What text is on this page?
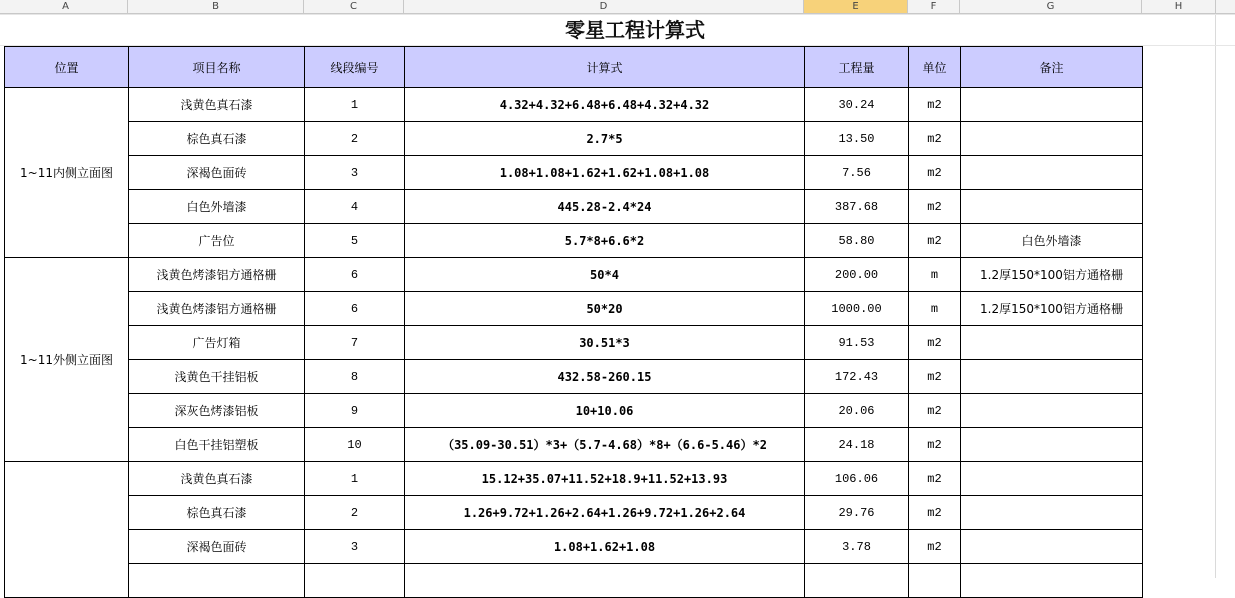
A	B	C	D	E	F	G	H
零星工程计算式
位置	项目名称	线段编号	计算式	工程量	单位	备注
1~11内侧立面图	浅黄色真石漆	1	4.32+4.32+6.48+6.48+4.32+4.32	30.24	m2	
	棕色真石漆	2	2.7*5	13.50	m2	
	深褐色面砖	3	1.08+1.08+1.62+1.62+1.08+1.08	7.56	m2	
	白色外墙漆	4	445.28-2.4*24	387.68	m2	
	广告位	5	5.7*8+6.6*2	58.80	m2	白色外墙漆
1~11外侧立面图	浅黄色烤漆铝方通格栅	6	50*4	200.00	m	1.2厚150*100铝方通格栅
	浅黄色烤漆铝方通格栅	6	50*20	1000.00	m	1.2厚150*100铝方通格栅
	广告灯箱	7	30.51*3	91.53	m2	
	浅黄色干挂铝板	8	432.58-260.15	172.43	m2	
	深灰色烤漆铝板	9	10+10.06	20.06	m2	
	白色干挂铝塑板	10	（35.09-30.51）*3+（5.7-4.68）*8+（6.6-5.46）*2	24.18	m2	
	浅黄色真石漆	1	15.12+35.07+11.52+18.9+11.52+13.93	106.06	m2	
	棕色真石漆	2	1.26+9.72+1.26+2.64+1.26+9.72+1.26+2.64	29.76	m2	
	深褐色面砖	3	1.08+1.62+1.08	3.78	m2	
